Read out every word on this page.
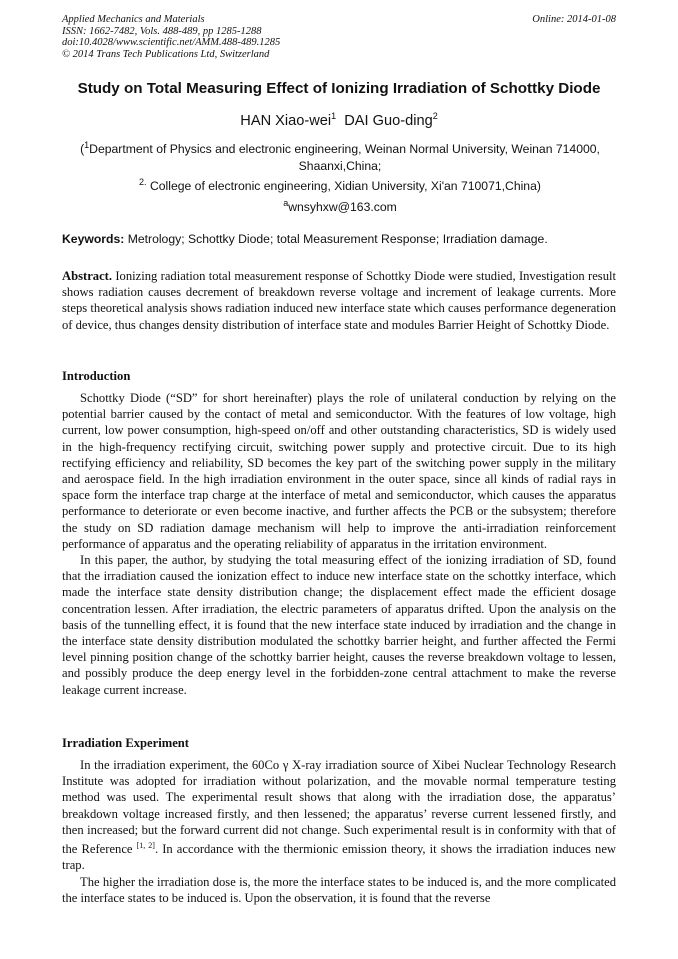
Applied Mechanics and Materials
ISSN: 1662-7482, Vols. 488-489, pp 1285-1288
doi:10.4028/www.scientific.net/AMM.488-489.1285
© 2014 Trans Tech Publications Ltd, Switzerland
Online: 2014-01-08
Study on Total Measuring Effect of Ionizing Irradiation of Schottky Diode
HAN Xiao-wei$^1$ DAI Guo-ding$^2$
($^1$Department of Physics and electronic engineering, Weinan Normal University, Weinan 714000, Shaanxi,China;
$^{2.}$ College of electronic engineering, Xidian University, Xi'an 710071,China)
$^a$wnsyhxw@163.com
Keywords: Metrology; Schottky Diode; total Measurement Response; Irradiation damage.

Abstract. Ionizing radiation total measurement response of Schottky Diode were studied, Investigation result shows radiation causes decrement of breakdown reverse voltage and increment of leakage currents. More steps theoretical analysis shows radiation induced new interface state which causes performance degeneration of device, thus changes density distribution of interface state and modules Barrier Height of Schottky Diode.

Introduction

Schottky Diode (“SD” for short hereinafter) plays the role of unilateral conduction by relying on the potential barrier caused by the contact of metal and semiconductor. With the features of low voltage, high current, low power consumption, high-speed on/off and other outstanding characteristics, SD is widely used in the high-frequency rectifying circuit, switching power supply and protective circuit. Due to its high rectifying efficiency and reliability, SD becomes the key part of the switching power supply in the military and aerospace field. In the high irradiation environment in the outer space, since all kinds of radial rays in space form the interface trap charge at the interface of metal and semiconductor, which causes the apparatus performance to deteriorate or even become inactive, and further affects the PCB or the subsystem; therefore the study on SD radiation damage mechanism will help to improve the anti-irradiation reinforcement performance of apparatus and the operating reliability of apparatus in the irritation environment.

In this paper, the author, by studying the total measuring effect of the ionizing irradiation of SD, found that the irradiation caused the ionization effect to induce new interface state on the schottky interface, which made the interface state density distribution change; the displacement effect made the efficient dosage concentration lessen. After irradiation, the electric parameters of apparatus drifted. Upon the analysis on the basis of the tunnelling effect, it is found that the new interface state induced by irradiation and the change in the interface state density distribution modulated the schottky barrier height, and further affected the Fermi level pinning position change of the schottky barrier height, causes the reverse breakdown voltage to lessen, and possibly produce the deep energy level in the forbidden-zone central attachment to make the reverse leakage current increase.

Irradiation Experiment

In the irradiation experiment, the 60Co γ X-ray irradiation source of Xibei Nuclear Technology Research Institute was adopted for irradiation without polarization, and the movable normal temperature testing method was used. The experimental result shows that along with the irradiation dose, the apparatus’ breakdown voltage increased firstly, and then lessened; the apparatus’ reverse current lessened firstly, and then increased; but the forward current did not change. Such experimental result is in conformity with that of the Reference [1, 2]. In accordance with the thermionic emission theory, it shows the irradiation induces new trap.

The higher the irradiation dose is, the more the interface states to be induced is, and the more complicated the interface states to be induced is. Upon the observation, it is found that the reverse
